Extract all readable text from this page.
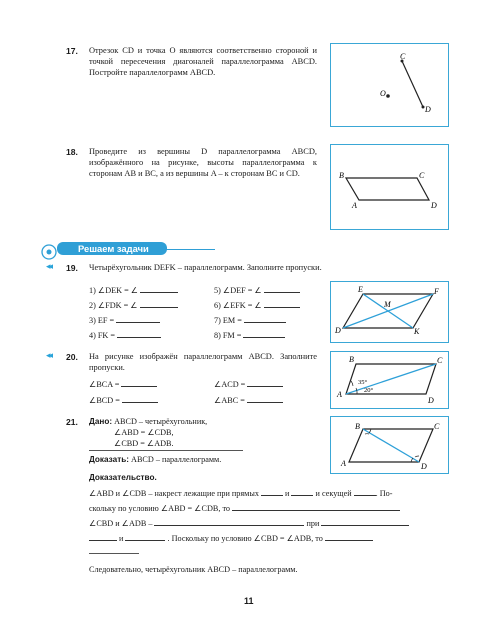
17. Отрезок CD и точка O являются соответственно стороной и точкой пересечения диагоналей параллелограмма ABCD. Постройте параллелограмм ABCD.
C
D
O
18. Проведите из вершины D параллелограмма ABCD, изображённого на рисунке, высоты параллелограмма к сторонам AB и BC, а из вершины A – к сторонам BC и CD.	B	C
A	D
Решаем задачи
◂◂ 19. Четырёхугольник DEFK – параллелограмм. Заполните пропуски.
1) ∠DEK = ∠	5) ∠DEF = ∠
2) ∠FDK = ∠	6) ∠EFK = ∠
3) EF =	7) EM =
4) FK =	8) FM =
E	F
M
D	K
◂◂ 20. На рисунке изображён параллелограмм ABCD. Заполните пропуски.
∠BCA =	∠ACD =
∠BCD =	∠ABC =
B	C
A
D
35°
20°
21. Дано: ABCD – четырёхугольник,
∠ABD = ∠CDB,
∠CBD = ∠ADB.
Доказать: ABCD – параллелограмм.
Доказательство.
B	C
A	D
∠ABD и ∠CDB – накрест лежащие при прямых	и	и секущей	. По-
скольку по условию ∠ABD = ∠CDB, то
∠CBD и ∠ADB –	при
и	. Поскольку по условию ∠CBD = ∠ADB, то
Следовательно, четырёхугольник ABCD – параллелограмм.
11
